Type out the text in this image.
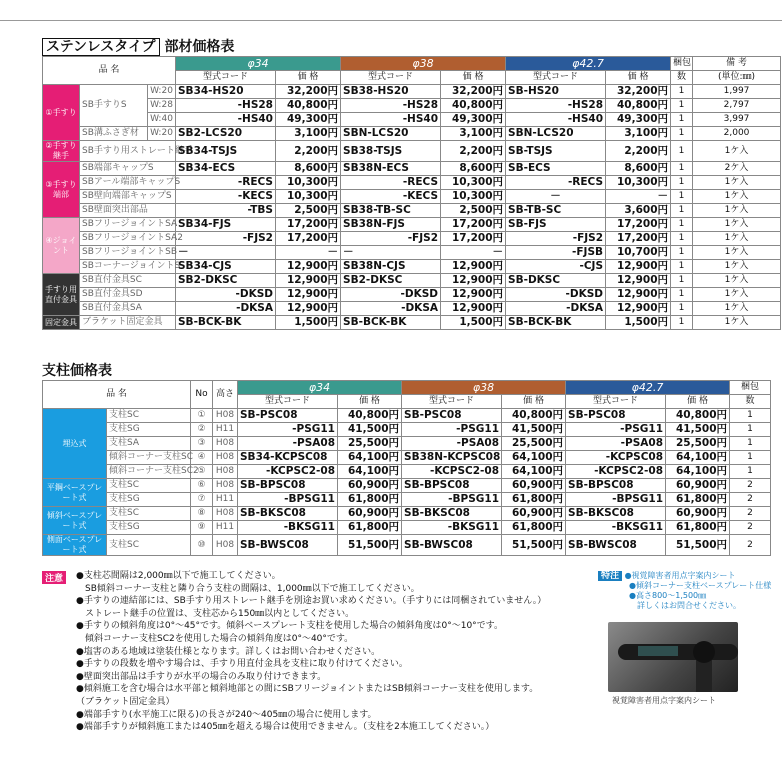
ステンレスタイプ 部材価格表
品 名			φ34		φ38		φ42.7		梱包	備 考
			型式コード	価 格	型式コード	価 格	型式コード	価 格	数	(単位:㎜)
①手すり	SB手すりS	W:20	SB34-HS20	32,200円	SB38-HS20	32,200円	SB-HS20	32,200円	1	1,997
		W:28	-HS28	40,800円	-HS28	40,800円	-HS28	40,800円	1	2,797
		W:40	-HS40	49,300円	-HS40	49,300円	-HS40	49,300円	1	3,997
	SB溝ふさぎ材	W:20	SB2-LCS20	3,100円	SBN-LCS20	3,100円	SBN-LCS20	3,100円	1	2,000
②手すり継手	SB手すり用ストレート継手		SB34-TSJS	2,200円	SB38-TSJS	2,200円	SB-TSJS	2,200円	1	1ケ入
③手すり端部	SB端部キャップS		SB34-ECS	8,600円	SB38N-ECS	8,600円	SB-ECS	8,600円	1	2ケ入
	SBアール端部キャップS		-RECS	10,300円	-RECS	10,300円	-RECS	10,300円	1	1ケ入
	SB壁向端部キャップS		-KECS	10,300円	-KECS	10,300円	－	－	1	1ケ入
	SB壁面突出部品		-TBS	2,500円	SB38-TB-SC	2,500円	SB-TB-SC	3,600円	1	1ケ入
④ジョイント	SBフリージョイントSA		SB34-FJS	17,200円	SB38N-FJS	17,200円	SB-FJS	17,200円	1	1ケ入
	SBフリージョイントSA2		-FJS2	17,200円	-FJS2	17,200円	-FJS2	17,200円	1	1ケ入
	SBフリージョイントSB		－	－	－	－	-FJSB	10,700円	1	1ケ入
	SBコーナージョイントS		SB34-CJS	12,900円	SB38N-CJS	12,900円	-CJS	12,900円	1	1ケ入
手すり用直付金具	SB直付金具SC		SB2-DKSC	12,900円	SB2-DKSC	12,900円	SB-DKSC	12,900円	1	1ケ入
	SB直付金具SD		-DKSD	12,900円	-DKSD	12,900円	-DKSD	12,900円	1	1ケ入
	SB直付金具SA		-DKSA	12,900円	-DKSA	12,900円	-DKSA	12,900円	1	1ケ入
固定金具	ブラケット固定金具		SB-BCK-BK	1,500円	SB-BCK-BK	1,500円	SB-BCK-BK	1,500円	1	1ケ入
支柱価格表
品 名		No	高さ	φ34		φ38		φ42.7		梱包
				型式コード	価 格	型式コード	価 格	型式コード	価 格	数
埋込式	支柱SC	①	H08	SB-PSC08	40,800円	SB-PSC08	40,800円	SB-PSC08	40,800円	1
	支柱SG	②	H11	-PSG11	41,500円	-PSG11	41,500円	-PSG11	41,500円	1
	支柱SA	③	H08	-PSA08	25,500円	-PSA08	25,500円	-PSA08	25,500円	1
	傾斜コーナー支柱SC	④	H08	SB34-KCPSC08	64,100円	SB38N-KCPSC08	64,100円	-KCPSC08	64,100円	1
	傾斜コーナー支柱SC2	⑤	H08	-KCPSC2-08	64,100円	-KCPSC2-08	64,100円	-KCPSC2-08	64,100円	1
平鋼ベースプレート式	支柱SC	⑥	H08	SB-BPSC08	60,900円	SB-BPSC08	60,900円	SB-BPSC08	60,900円	2
	支柱SG	⑦	H11	-BPSG11	61,800円	-BPSG11	61,800円	-BPSG11	61,800円	2
傾斜ベースプレート式	支柱SC	⑧	H08	SB-BKSC08	60,900円	SB-BKSC08	60,900円	SB-BKSC08	60,900円	2
	支柱SG	⑨	H11	-BKSG11	61,800円	-BKSG11	61,800円	-BKSG11	61,800円	2
側面ベースプレート式	支柱SC	⑩	H08	SB-BWSC08	51,500円	SB-BWSC08	51,500円	SB-BWSC08	51,500円	2
注意	●支柱芯間隔は2,000㎜以下で施工してください。
　SB傾斜コーナー支柱と隣り合う支柱の間隔は、1,000㎜以下で施工してください。
●手すりの連結部には、SB手すり用ストレート継手を別途お買い求めください。（手すりには同梱されていません。）
　ストレート継手の位置は、支柱芯から150㎜以内としてください。
●手すりの傾斜角度は0°～45°です。傾斜ベースプレート支柱を使用した場合の傾斜角度は0°～10°です。
　傾斜コーナー支柱SC2を使用した場合の傾斜角度は0°～40°です。
●塩害のある地域は塗装仕様となります。詳しくはお問い合わせください。
●手すりの段数を増やす場合は、手すり用直付金具を支柱に取り付けてください。
●壁面突出部品は手すりが水平の場合のみ取り付けできます。
●傾斜施工を含む場合は水平部と傾斜地部との間にSBフリージョイントまたはSB傾斜コーナー支柱を使用します。
（ブラケット固定金具）
●端部手すり(水平施工に限る)の長さが240～405㎜の場合に使用します。
●端部手すりが傾斜施工または405㎜を超える場合は使用できません。（支柱を2本施工してください。）
特注 ●視覚障害者用点字案内シート
●傾斜コーナー支柱ベースプレート仕様
●高さ800～1,500㎜
　詳しくはお問合せください。
視覚障害者用点字案内シート
